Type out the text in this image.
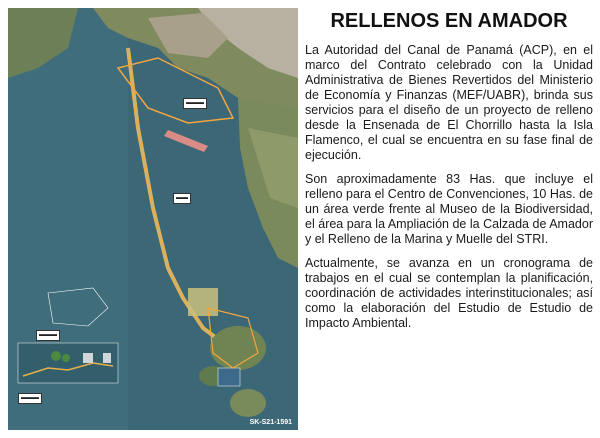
▬▬▬
▬▬
▬▬▬
▬▬▬
SK-S21-1591
RELLENOS EN AMADOR

La Autoridad del Canal de Panamá (ACP), en el marco del Contrato celebrado con la Unidad Administrativa de Bienes Revertidos del Ministerio de Economía y Finanzas (MEF/UABR), brinda sus servicios para el diseño de un proyecto de relleno desde la Ensenada de El Chorrillo hasta la Isla Flamenco, el cual se encuentra en su fase final de ejecución.

Son aproximadamente 83 Has. que incluye el relleno para el Centro de Convenciones, 10 Has. de un área verde frente al Museo de la Biodiversidad, el área para la Ampliación de la Calzada de Amador y el Relleno de la Marina y Muelle del STRI.

Actualmente, se avanza en un cronograma de trabajos en el cual se contemplan la planificación, coordinación de actividades interinstitucionales; así como la elaboración del Estudio de Estudio de Impacto Ambiental.
